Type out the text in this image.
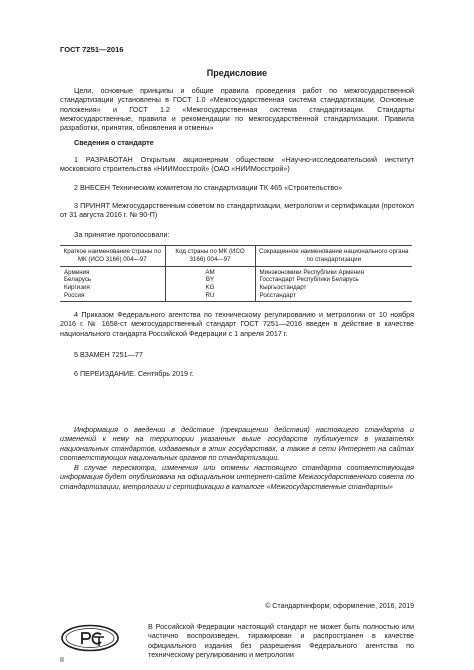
ГОСТ 7251—2016
Предисловие

Цели, основные принципы и общие правила проведения работ по межгосударственной стандартизации установлены в ГОСТ 1.0 «Межгосударственная система стандартизации. Основные положения» и ГОСТ 1.2 «Межгосударственная система стандартизации. Стандарты межгосударственные, правила и рекомендации по межгосударственной стандартизации. Правила разработки, принятия, обновления и отмены»

Сведения о стандарте

1 РАЗРАБОТАН Открытым акционерным обществом «Научно-исследовательский институт московского строительства «НИИМосстрой» (ОАО «НИИМосстрой»)

2 ВНЕСЕН Техническим комитетом по стандартизации ТК 465 «Строительство»

3 ПРИНЯТ Межгосударственным советом по стандартизации, метрологии и сертификации (протокол от 31 августа 2016 г. № 90-П)

За принятие проголосовали:

Краткое наименование страны по МК (ИСО 3166) 004—97	Код страны по МК (ИСО 3166) 004—97	Сокращенное наименование национального органа по стандартизации
Армения	AM	Минэкономики Республики Армения
Беларусь	BY	Госстандарт Республики Беларусь
Киргизия	KG	Кыргызстандарт
Россия	RU	Росстандарт

4 Приказом Федерального агентства по техническому регулированию и метрологии от 10 ноября 2016 г. № 1658-ст межгосударственный стандарт ГОСТ 7251—2016 введен в действие в качестве национального стандарта Российской Федерации с 1 апреля 2017 г.

5 ВЗАМЕН 7251—77

6 ПЕРЕИЗДАНИЕ. Сентябрь 2019 г.

Информация о введении в действие (прекращении действия) настоящего стандарта и изменений к нему на территории указанных выше государств публикуется в указателях национальных стандартов, издаваемых в этих государствах, а также в сети Интернет на сайтах соответствующих национальных органов по стандартизации.

В случае пересмотра, изменения или отмены настоящего стандарта соответствующая информация будет опубликована на официальном интернет-сайте Межгосударственного совета по стандартизации, метрологии и сертификации в каталоге «Межгосударственные стандарты»

© Стандартинформ, оформление, 2016, 2019
В Российской Федерации настоящий стандарт не может быть полностью или частично воспроизведен, тиражирован и распространен в качестве официального издания без разрешения Федерального агентства по техническому регулированию и метрологии
II
